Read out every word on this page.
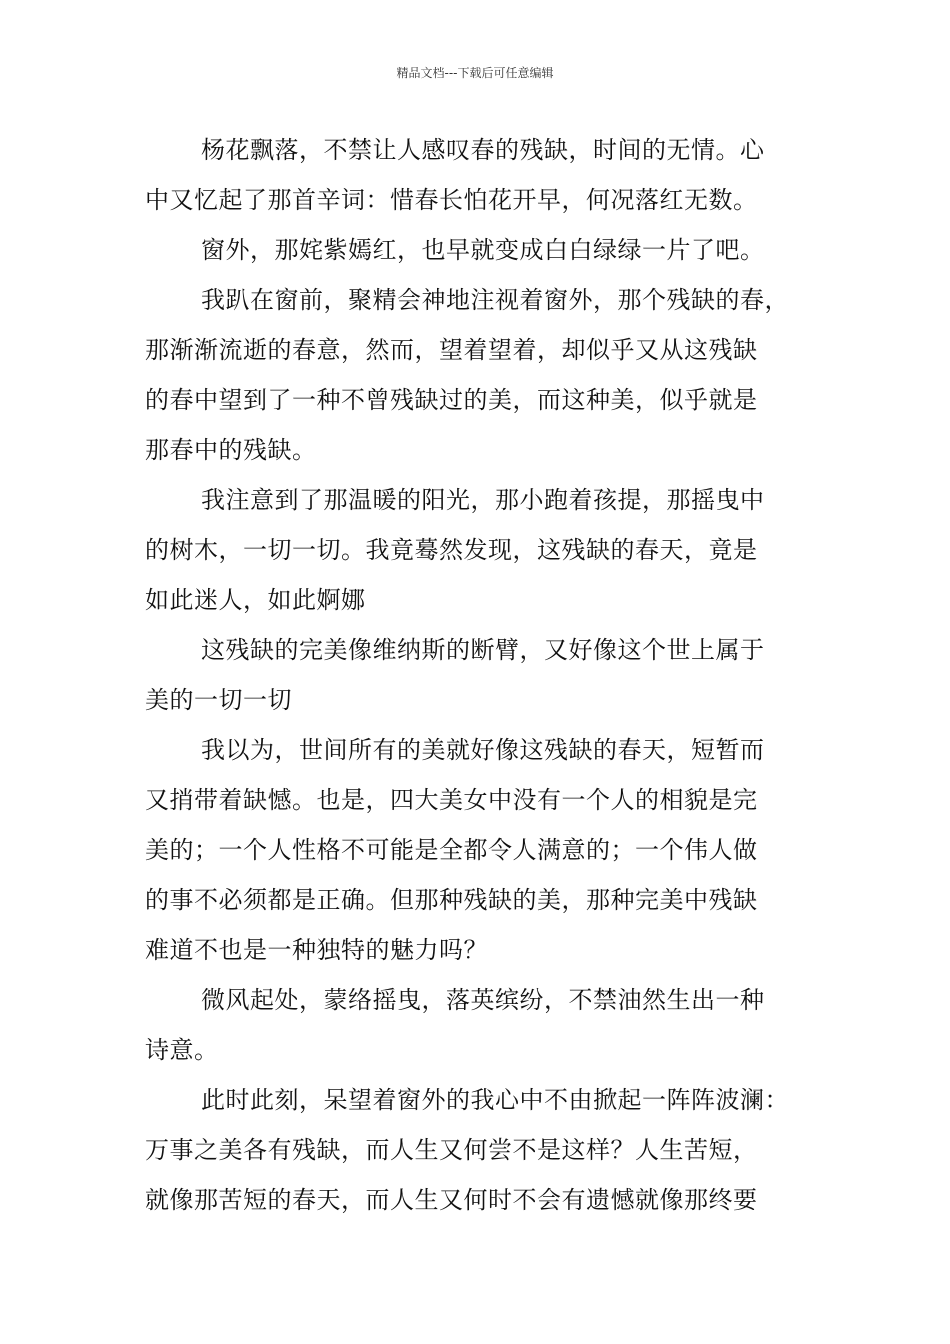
精品文档---下载后可任意编辑

杨花飘落，不禁让人感叹春的残缺，时间的无情。心
中又忆起了那首辛词：惜春长怕花开早，何况落红无数。

窗外，那姹紫嫣红，也早就变成白白绿绿一片了吧。

我趴在窗前，聚精会神地注视着窗外，那个残缺的春，
那渐渐流逝的春意，然而，望着望着，却似乎又从这残缺
的春中望到了一种不曾残缺过的美，而这种美，似乎就是
那春中的残缺。

我注意到了那温暖的阳光，那小跑着孩提，那摇曳中
的树木，一切一切。我竟蓦然发现，这残缺的春天，竟是
如此迷人，如此婀娜

这残缺的完美像维纳斯的断臂，又好像这个世上属于
美的一切一切

我以为，世间所有的美就好像这残缺的春天，短暂而
又捎带着缺憾。也是，四大美女中没有一个人的相貌是完
美的；一个人性格不可能是全都令人满意的；一个伟人做
的事不必须都是正确。但那种残缺的美，那种完美中残缺
难道不也是一种独特的魅力吗？

微风起处，蒙络摇曳，落英缤纷，不禁油然生出一种
诗意。

此时此刻，呆望着窗外的我心中不由掀起一阵阵波澜：
万事之美各有残缺，而人生又何尝不是这样？人生苦短，
就像那苦短的春天，而人生又何时不会有遗憾就像那终要
